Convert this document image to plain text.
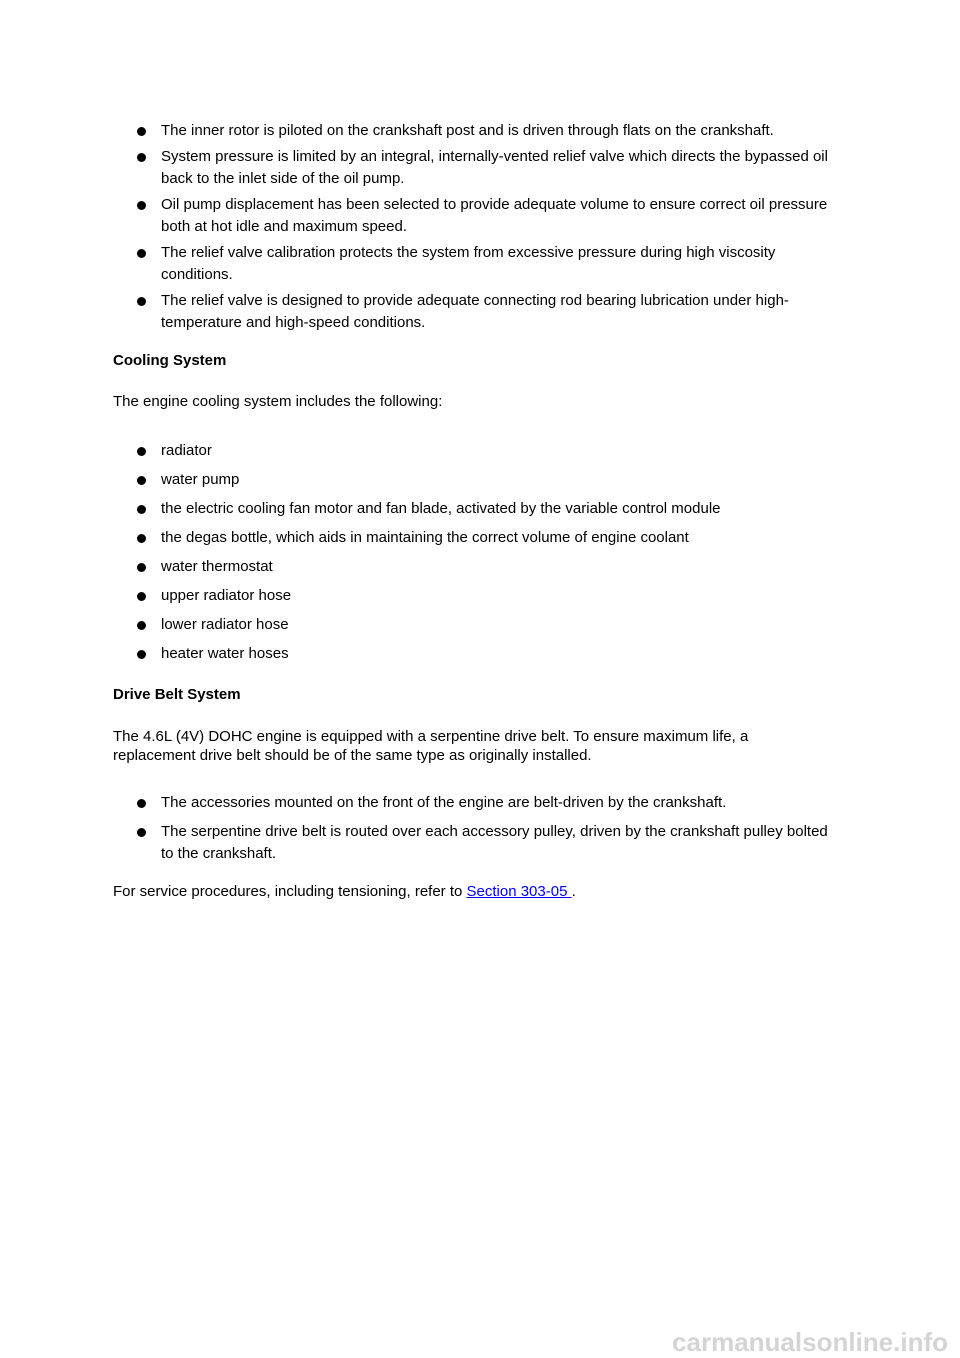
The inner rotor is piloted on the crankshaft post and is driven through flats on the crankshaft.
System pressure is limited by an integral, internally-vented relief valve which directs the bypassed oil back to the inlet side of the oil pump.
Oil pump displacement has been selected to provide adequate volume to ensure correct oil pressure both at hot idle and maximum speed.
The relief valve calibration protects the system from excessive pressure during high viscosity conditions.
The relief valve is designed to provide adequate connecting rod bearing lubrication under high-temperature and high-speed conditions.
Cooling System
The engine cooling system includes the following:
radiator
water pump
the electric cooling fan motor and fan blade, activated by the variable control module
the degas bottle, which aids in maintaining the correct volume of engine coolant
water thermostat
upper radiator hose
lower radiator hose
heater water hoses
Drive Belt System
The 4.6L (4V) DOHC engine is equipped with a serpentine drive belt. To ensure maximum life, a replacement drive belt should be of the same type as originally installed.
The accessories mounted on the front of the engine are belt-driven by the crankshaft.
The serpentine drive belt is routed over each accessory pulley, driven by the crankshaft pulley bolted to the crankshaft.
For service procedures, including tensioning, refer to Section 303-05 .
carmanualsonline.info
